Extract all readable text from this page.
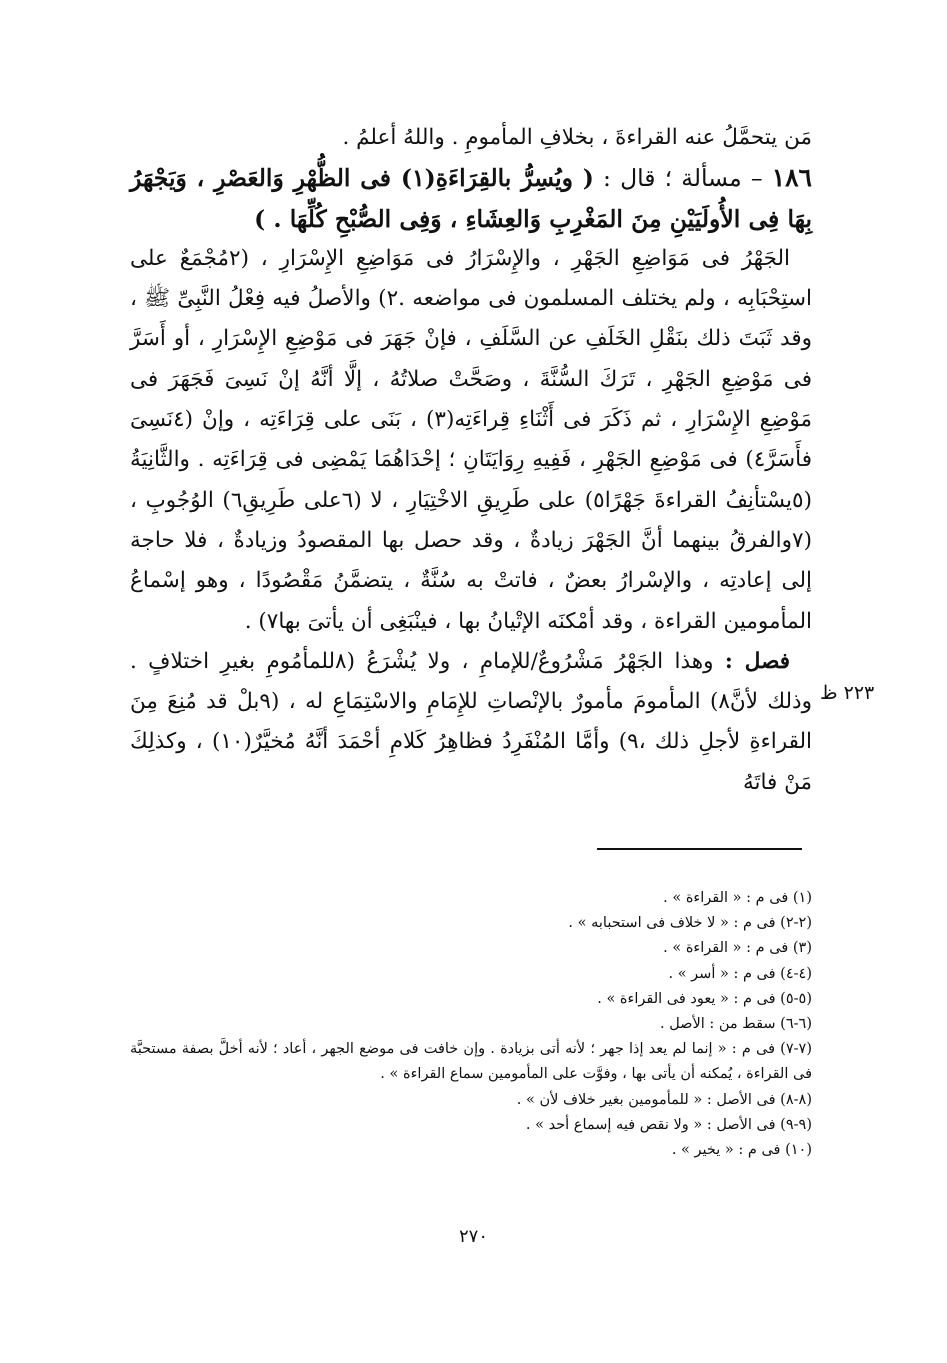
مَن يتحمَّلُ عنه القراءةَ ، بخلافِ المأمومِ . واللهُ أعلمُ .

١٨٦ – مسألة ؛ قال : ( ويُسِرُّ بالقِرَاءَةِ(١) فى الظُّهْرِ وَالعَصْرِ ، وَيَجْهَرُ بِهَا فِى الأُولَيَيْنِ مِنَ المَغْرِبِ وَالعِشَاءِ ، وَفِى الصُّبْحِ كُلِّهَا . )

الجَهْرُ فى مَوَاضِعِ الجَهْرِ ، والإِسْرَارُ فى مَوَاضِعِ الإِسْرَارِ ، (٢مُجْمَعٌ على استِحْبَابِه ، ولم يختلف المسلمون فى مواضعه .٢) والأصلُ فيه فِعْلُ النَّبِىِّ ﷺ ، وقد ثَبَتَ ذلك بنَقْلِ الخَلَفِ عن السَّلَفِ ، فإنْ جَهَرَ فى مَوْضِعِ الإِسْرَارِ ، أو أَسَرَّ فى مَوْضِعِ الجَهْرِ ، تَرَكَ السُّنَّةَ ، وصَحَّتْ صلاتُهُ ، إلَّا أنَّهُ إنْ نَسِىَ فَجَهَرَ فى مَوْضِعِ الإِسْرَارِ ، ثم ذَكَرَ فى أَثْنَاءِ قِراءَتِه(٣) ، بَنَى على قِرَاءَتِه ، وإنْ (٤نَسِىَ فأَسَرَّ٤) فى مَوْضِعِ الجَهْرِ ، فَفِيهِ رِوَايَتَانِ ؛ إحْدَاهُمَا يَمْضِى فى قِرَاءَتِه . والثَّانِيَةُ (٥يسْتأنِفُ القراءةَ جَهْرًا٥) على طَرِيقِ الاخْتِيَارِ ، لا (٦على طَرِيقِ٦) الوُجُوبِ ، (٧والفرقُ بينهما أنَّ الجَهْرَ زيادةٌ ، وقد حصل بها المقصودُ وزيادةٌ ، فلا حاجة إلى إعادتِه ، والإسْرارُ بعضٌ ، فاتتْ به سُنَّةٌ ، يتضمَّنُ مَقْصُودًا ، وهو إسْماعُ المأمومين القراءة ، وقد أمْكنَه الإتْيانُ بها ، فينْبَغِى أن يأتىَ بها٧) .

فصل : وهذا الجَهْرُ مَشْرُوعٌ/للإمامِ ، ولا يُشْرَعُ (٨للمأمُومِ بغيرِ اختلافٍ . وذلك لأنَّ٨) المأمومَ مأمورٌ بالإنْصاتِ للإِمَامِ والاسْتِمَاعِ له ، (٩بلْ قد مُنِعَ مِنَ القراءةِ لأجلِ ذلك ،٩) وأمَّا المُنْفَرِدُ فظاهِرُ كَلامِ أحْمَدَ أنَّهُ مُخيَّرٌ(١٠) ، وكذلِكَ مَنْ فاتَهُ

٢٢٣ ظ

(١) فى م : « القراءة » .

(٢-٢) فى م : « لا خلاف فى استحبابه » .

(٣) فى م : « القراءة » .

(٤-٤) فى م : « أسر » .

(٥-٥) فى م : « يعود فى القراءة » .

(٦-٦) سقط من : الأصل .

(٧-٧) فى م : « إنما لم يعد إذا جهر ؛ لأنه أتى بزيادة . وإن خافت فى موضع الجهر ، أعاد ؛ لأنه أخلَّ بصفة مستحبَّة فى القراءة ، يُمكنه أن يأتى بها ، وفوَّت على المأمومين سماع القراءة » .

(٨-٨) فى الأصل : « للمأمومين بغير خلاف لأن » .

(٩-٩) فى الأصل : « ولا نقص فيه إسماع أحد » .

(١٠) فى م : « يخير » .

٢٧٠
